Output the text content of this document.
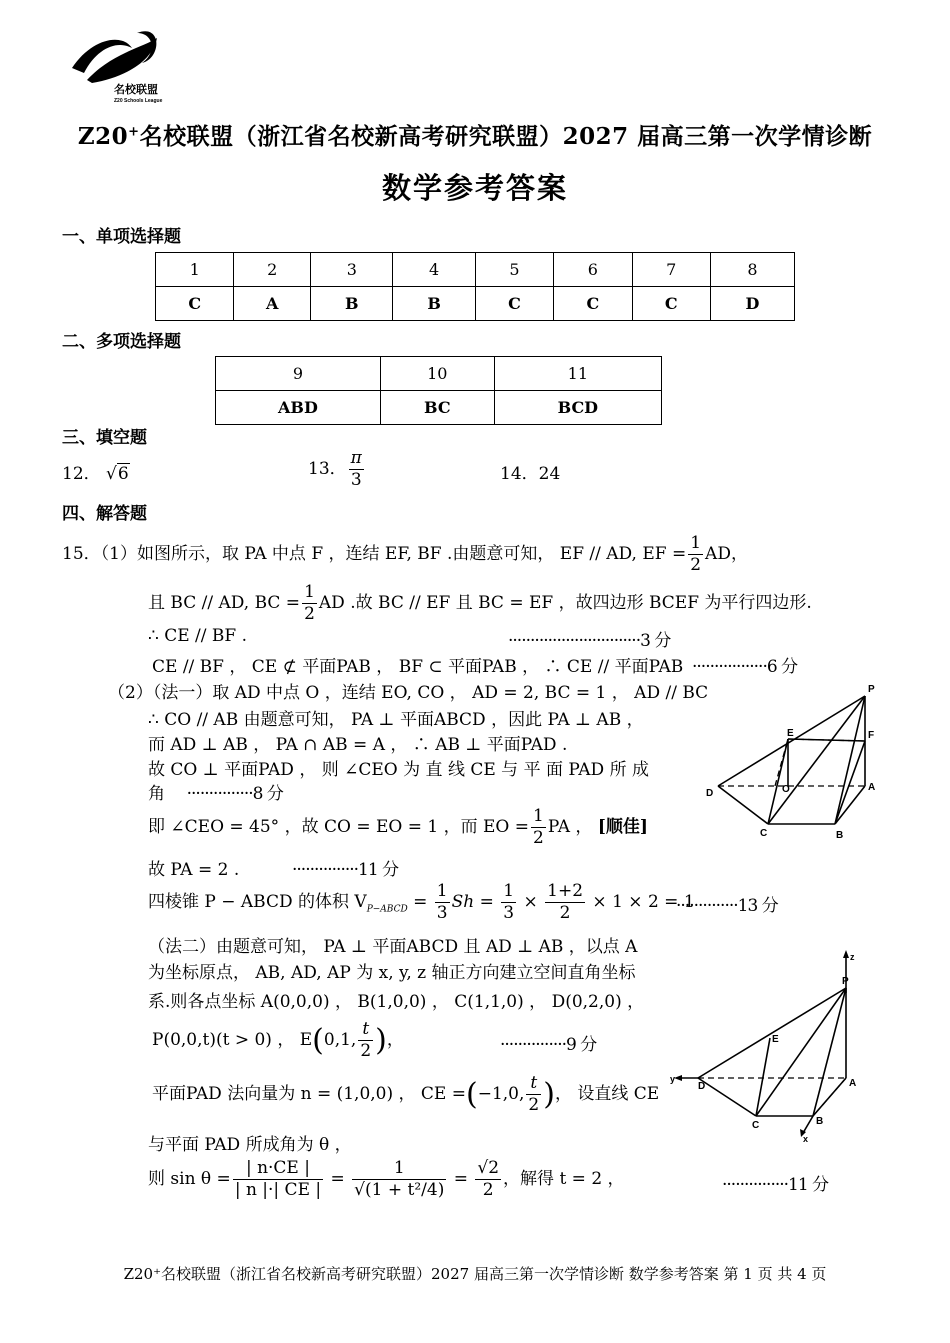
名校联盟
Z20 Schools League
Z20+名校联盟（浙江省名校新高考研究联盟）2027 届高三第一次学情诊断
数学参考答案
一、单项选择题
1	2	3	4	5	6	7	8
C	A	B	B	C	C	C	D
二、多项选择题
9	10	11
ABD	BC	BCD
三、填空题
12． √6	13． $\frac{\pi}{3}$	14．24
四、解答题
15．（1）如图所示，取 PA 中点 F ，连结 EF, BF .由题意可知， EF // AD, EF = $\frac{1}{2}$ AD，
且 BC // AD, BC = $\frac{1}{2}$ AD .故 BC // EF 且 BC = EF ，故四边形 BCEF 为平行四边形.
∴ CE // BF .	······························3 分
CE // BF ， CE ⊄ 平面PAB ， BF ⊂ 平面PAB ， ∴ CE // 平面PAB ·················6 分
（2）（法一）取 AD 中点 O ，连结 EO, CO ， AD = 2, BC = 1 ， AD // BC
∴ CO // AB 由题意可知， PA ⊥ 平面ABCD ，因此 PA ⊥ AB ，
而 AD ⊥ AB ， PA ∩ AB = A ， ∴ AB ⊥ 平面PAD .
故 CO ⊥ 平面PAD ， 则 ∠CEO 为 直 线 CE 与 平 面 PAD 所 成
角 ···············8 分
即 ∠CEO = 45° ，故 CO = EO = 1 ，而 EO = $\frac{1}{2}$ PA ， [顺佳]
故 PA = 2 .	···············11 分
四棱锥 P − ABCD 的体积 $V_{P-ABCD} = \frac{1}{3}$ $Sh = \frac{1}{3} \times \frac{1+2}{2} \times 1 \times 2 = 1$
··············13 分
（法二）由题意可知， PA ⊥ 平面ABCD 且 AD ⊥ AB ，以点 A
为坐标原点， AB, AD, AP 为 x, y, z 轴正方向建立空间直角坐标
系.则各点坐标 A(0,0,0) ， B(1,0,0) ， C(1,1,0) ， D(0,2,0) ，
P(0,0,t)(t > 0) ， E(0,1, $\frac{t}{2}$ )，	···············9 分
平面PAD 法向量为 n = (1,0,0) ， CE =(−1,0, $\frac{t}{2}$ )， 设直线 CE
与平面 PAD 所成角为 θ ，
则 $\sin \theta = \frac{| n\cdot CE |}{| n |\cdot| CE |} = \frac{1}{\text{√(1 + t²/4)}} = \frac{√2}{2}$ ，解得 t = 2 ，	···············11 分
P
E	F
D	O	A
C	B
z
P
E
y
D	A
C	B
x
Z20⁺名校联盟（浙江省名校新高考研究联盟）2027 届高三第一次学情诊断 数学参考答案 第 1 页 共 4 页
